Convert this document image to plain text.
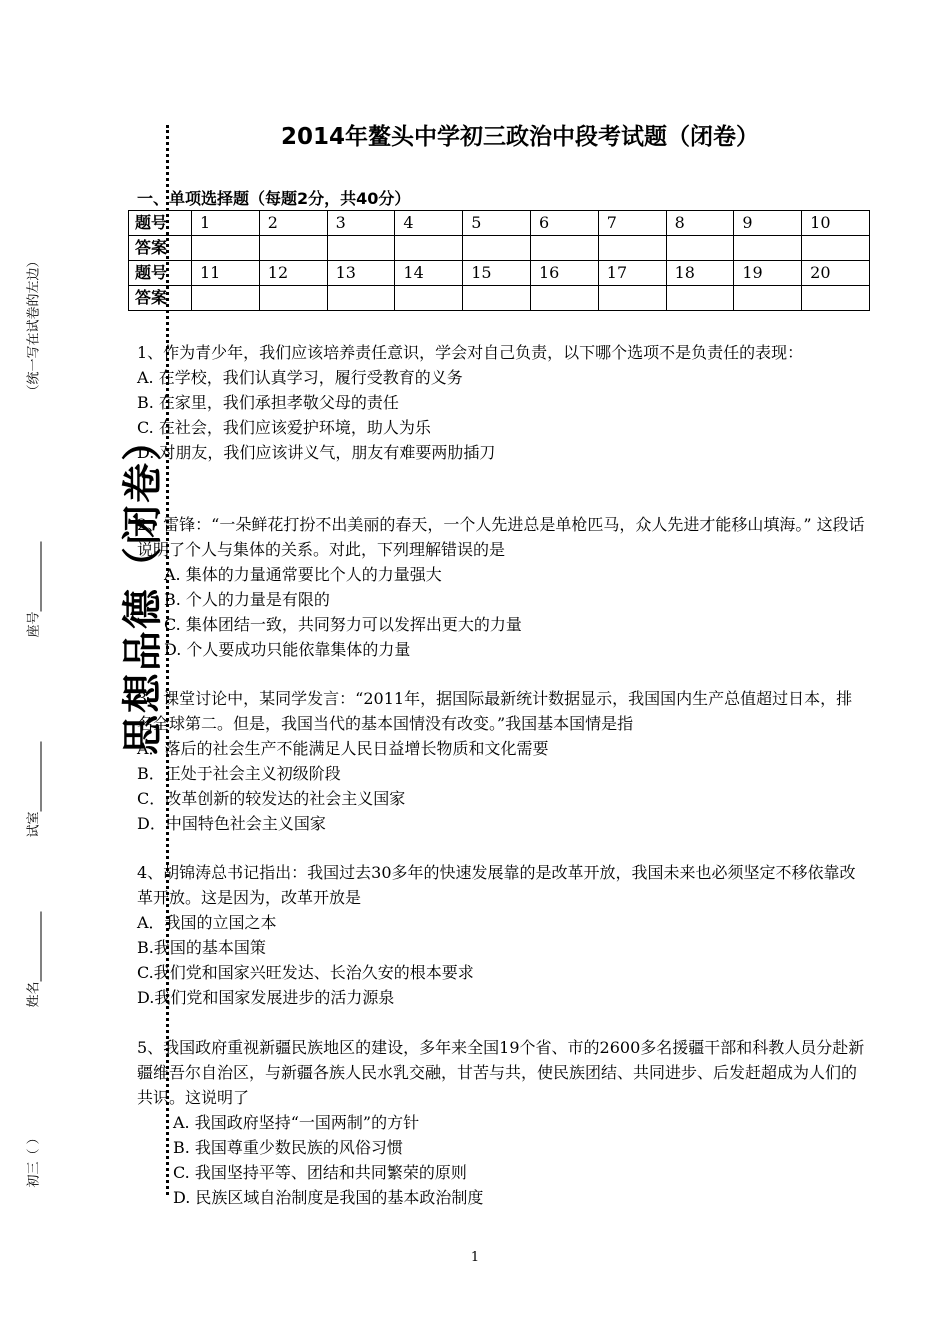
2014年鳌头中学初三政治中段考试题（闭卷）
一、单项选择题（每题2分，共40分）
题号	1	2	3	4	5	6	7	8	9	10
答案										
题号	11	12	13	14	15	16	17	18	19	20
答案										

1、作为青少年，我们应该培养责任意识，学会对自己负责，以下哪个选项不是负责任的表现：

A. 在学校，我们认真学习，履行受教育的义务
B. 在家里，我们承担孝敬父母的责任
C. 在社会，我们应该爱护环境，助人为乐
D. 对朋友，我们应该讲义气，朋友有难要两肋插刀

2、雷锋：“一朵鲜花打扮不出美丽的春天，一个人先进总是单枪匹马，众人先进才能移山填海。” 这段话说明了个人与集体的关系。对此，下列理解错误的是

A. 集体的力量通常要比个人的力量强大
B. 个人的力量是有限的
C. 集体团结一致，共同努力可以发挥出更大的力量
D. 个人要成功只能依靠集体的力量

3、课堂讨论中，某同学发言：“2011年，据国际最新统计数据显示，我国国内生产总值超过日本，排名全球第二。但是，我国当代的基本国情没有改变。”我国基本国情是指

A．落后的社会生产不能满足人民日益增长物质和文化需要
B．正处于社会主义初级阶段
C．改革创新的较发达的社会主义国家
D．中国特色社会主义国家

4、胡锦涛总书记指出：我国过去30多年的快速发展靠的是改革开放，我国未来也必须坚定不移依靠改革开放。这是因为，改革开放是

A．我国的立国之本
B.我国的基本国策
C.我们党和国家兴旺发达、长治久安的根本要求
D.我们党和国家发展进步的活力源泉

5、我国政府重视新疆民族地区的建设，多年来全国19个省、市的2600多名援疆干部和科教人员分赴新疆维吾尔自治区，与新疆各族人民水乳交融，甘苦与共，使民族团结、共同进步、后发赶超成为人们的共识。这说明了

A. 我国政府坚持“一国两制”的方针
B. 我国尊重少数民族的风俗习惯
C. 我国坚持平等、团结和共同繁荣的原则
D. 民族区域自治制度是我国的基本政治制度
）
卷
闭
（
德
品
想
思
（统一写在试卷的左边）
座号
试室
姓名
初三（ ）
1
